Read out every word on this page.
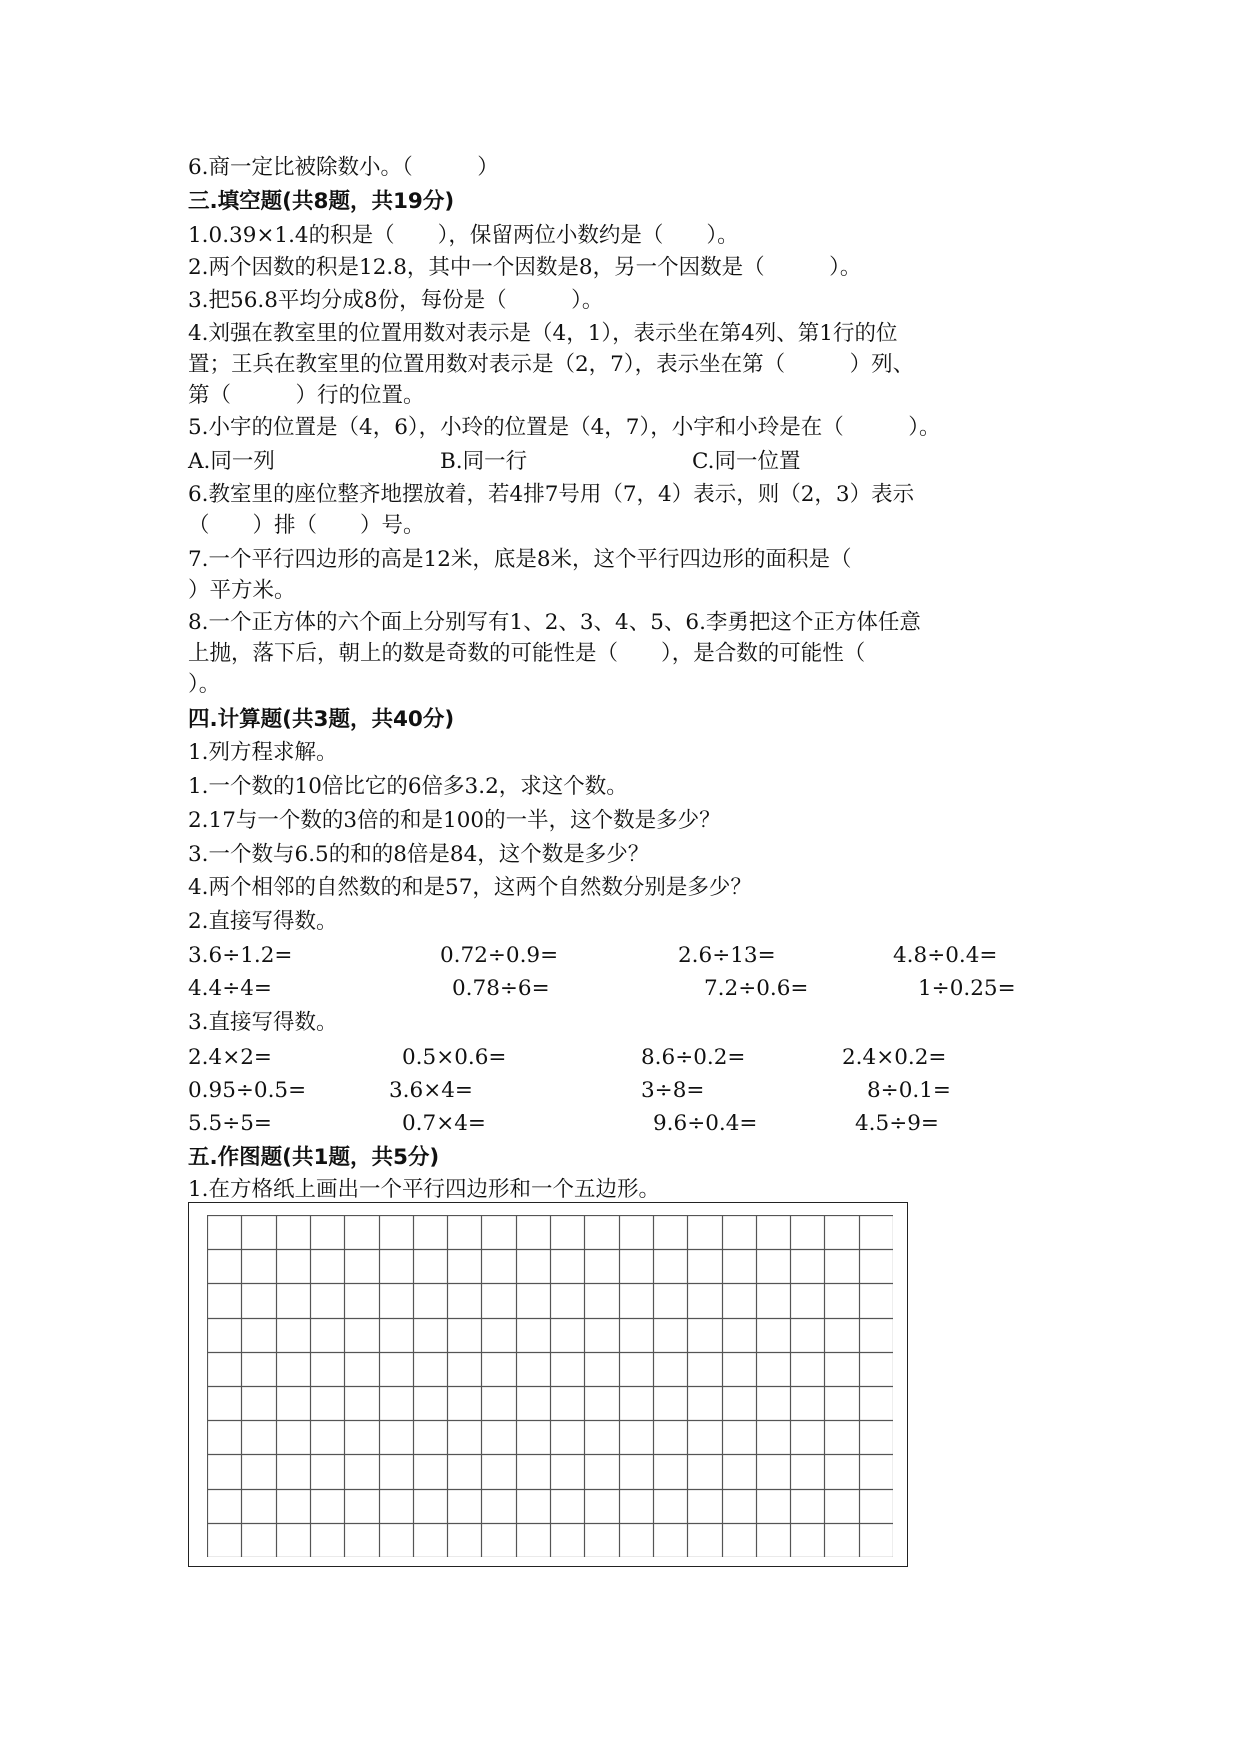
6.商一定比被除数小。（　　　）
三.填空题(共8题，共19分)
1.0.39×1.4的积是（　　），保留两位小数约是（　　）。
2.两个因数的积是12.8，其中一个因数是8，另一个因数是（　　　）。
3.把56.8平均分成8份，每份是（　　　）。
4.刘强在教室里的位置用数对表示是（4，1），表示坐在第4列、第1行的位
置；王兵在教室里的位置用数对表示是（2，7），表示坐在第（　　　）列、
第（　　　）行的位置。
5.小宇的位置是（4，6），小玲的位置是（4，7），小宇和小玲是在（　　　）。
A.同一列	B.同一行	C.同一位置
6.教室里的座位整齐地摆放着，若4排7号用（7，4）表示，则（2，3）表示
（　　）排（　　）号。
7.一个平行四边形的高是12米，底是8米，这个平行四边形的面积是（
）平方米。
8.一个正方体的六个面上分别写有1、2、3、4、5、6.李勇把这个正方体任意
上抛，落下后，朝上的数是奇数的可能性是（　　），是合数的可能性（
）。
四.计算题(共3题，共40分)
1.列方程求解。
1.一个数的10倍比它的6倍多3.2，求这个数。
2.17与一个数的3倍的和是100的一半，这个数是多少？
3.一个数与6.5的和的8倍是84，这个数是多少？
4.两个相邻的自然数的和是57，这两个自然数分别是多少？
2.直接写得数。
3.6÷1.2=	0.72÷0.9=	2.6÷13=	4.8÷0.4=
4.4÷4=	0.78÷6=	7.2÷0.6=	1÷0.25=
3.直接写得数。
2.4×2=	0.5×0.6=	8.6÷0.2=	2.4×0.2=
0.95÷0.5=	3.6×4=	3÷8=	8÷0.1=
5.5÷5=	0.7×4=	9.6÷0.4=	4.5÷9=
五.作图题(共1题，共5分)
1.在方格纸上画出一个平行四边形和一个五边形。
